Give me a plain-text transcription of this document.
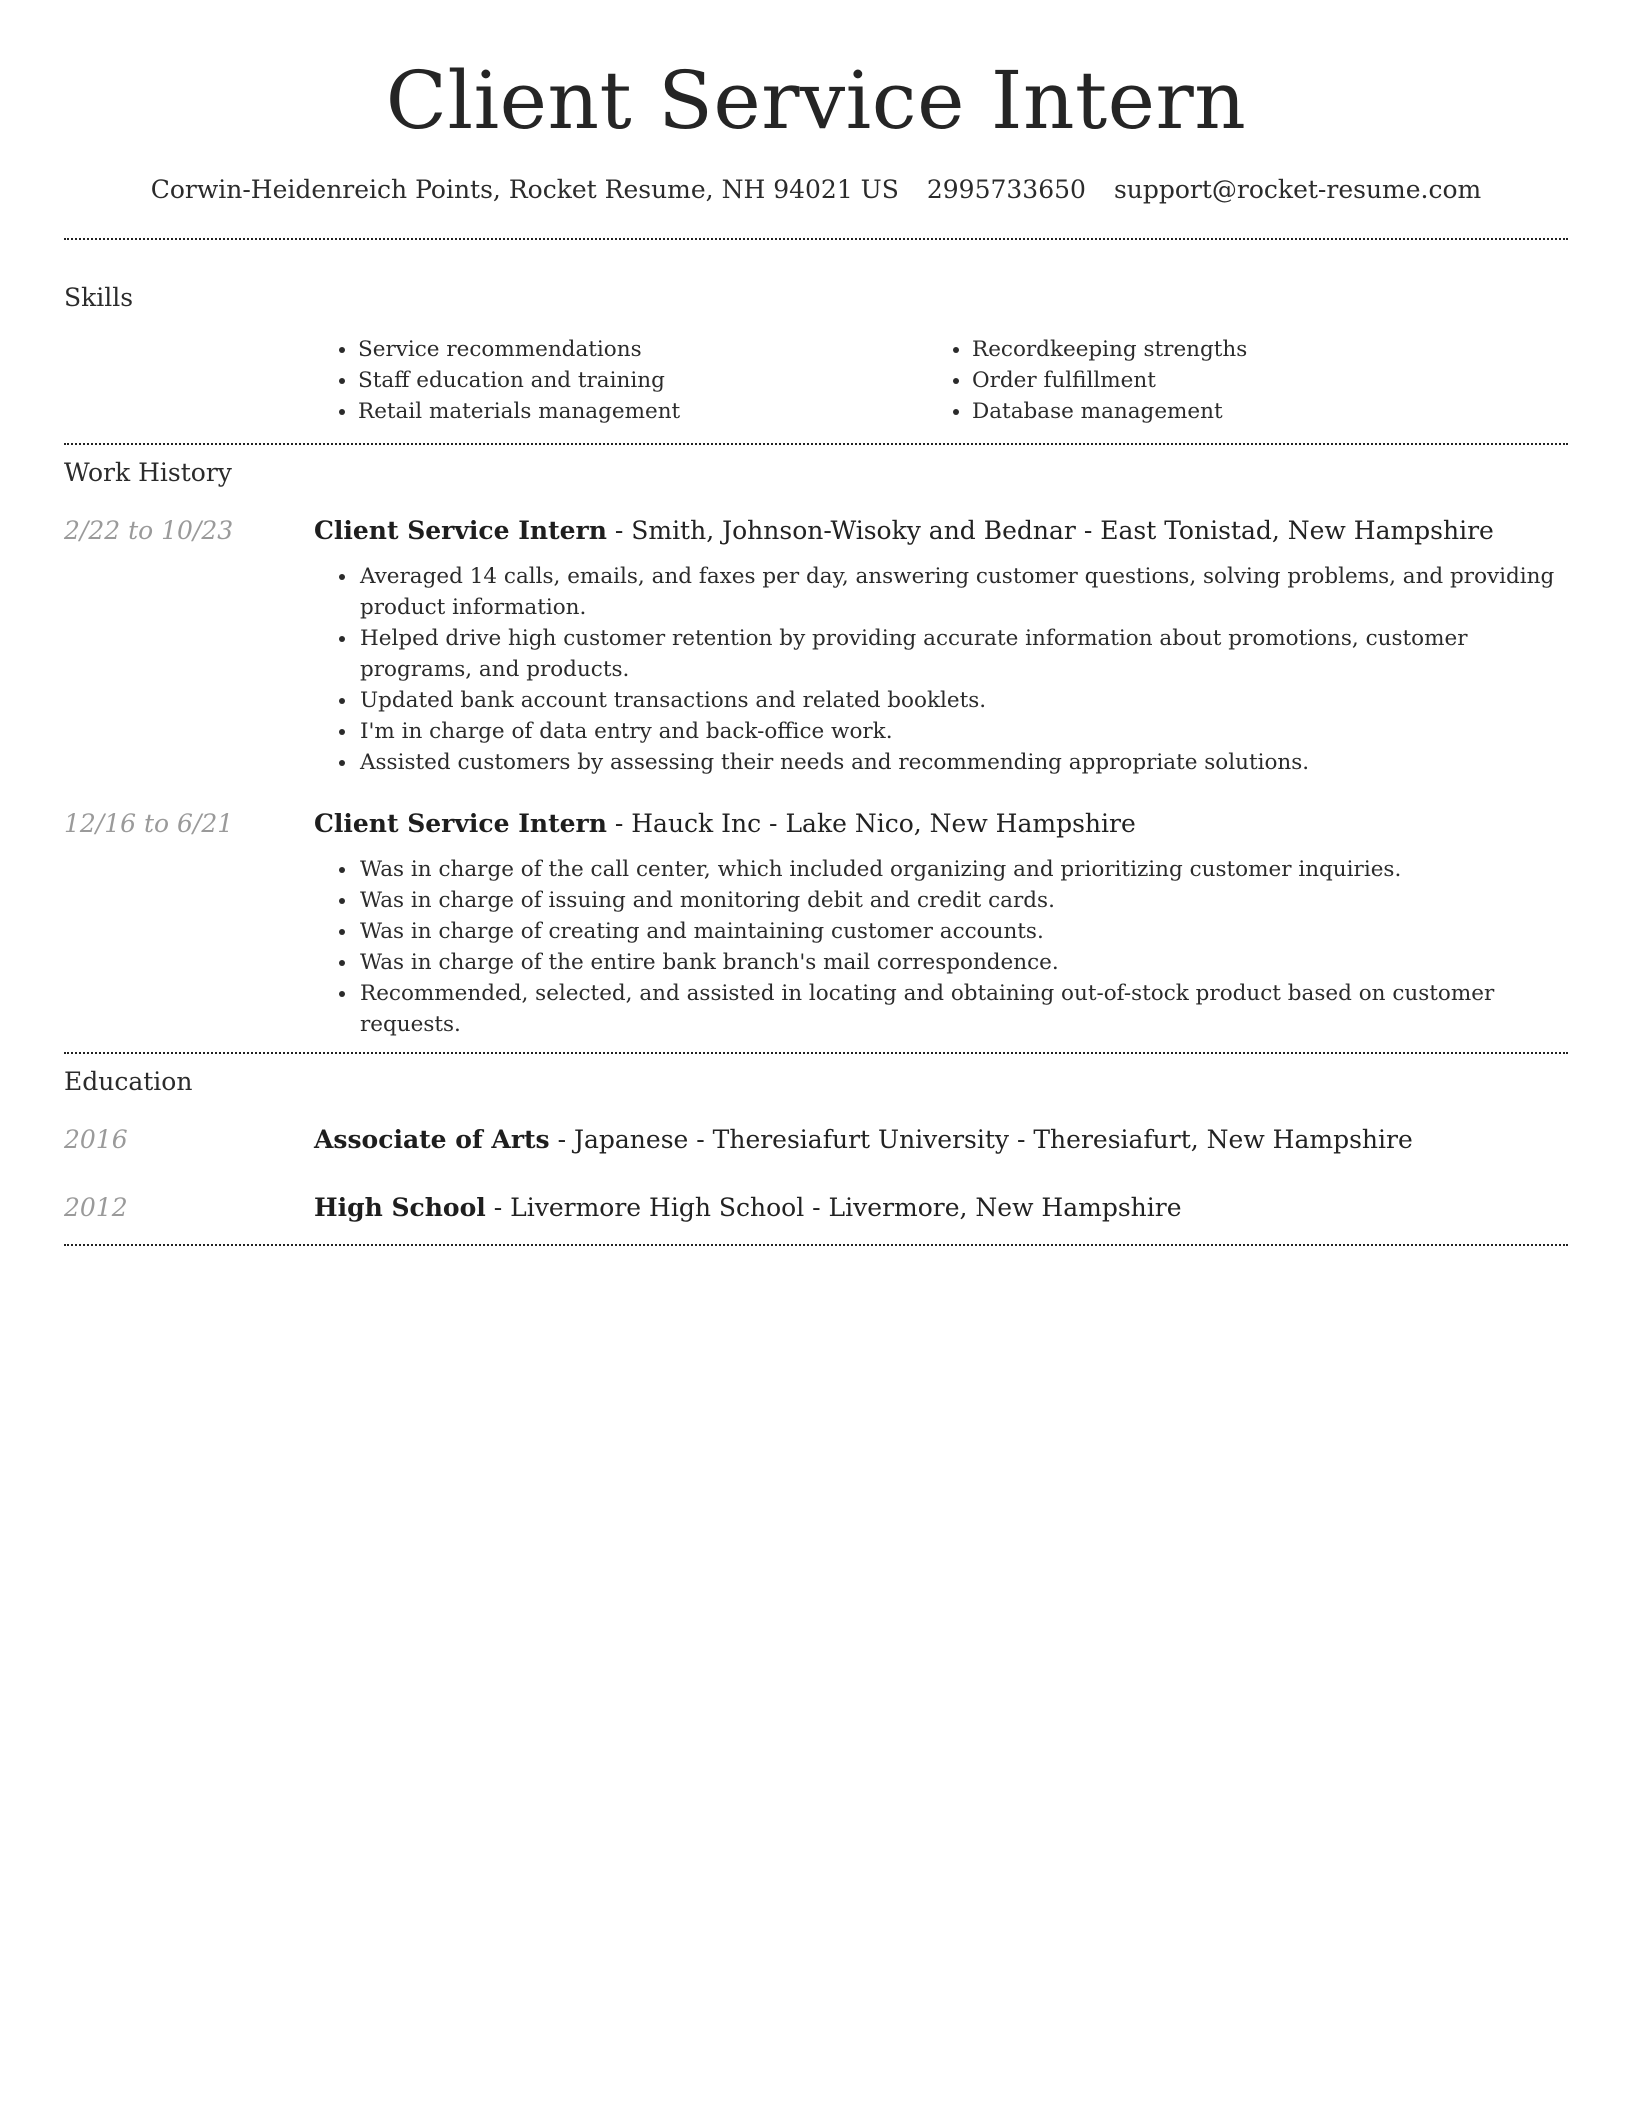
Client Service Intern
Corwin-Heidenreich Points, Rocket Resume, NH 94021 US 2995733650 support@rocket-resume.com
Skills
• Service recommendations
• Staff education and training
• Retail materials management
• Recordkeeping strengths
• Order fulfillment
• Database management
Work History
2/22 to 10/23	Client Service Intern - Smith, Johnson-Wisoky and Bednar - East Tonistad, New Hampshire
• Averaged 14 calls, emails, and faxes per day, answering customer questions, solving problems, and providing product information.
• Helped drive high customer retention by providing accurate information about promotions, customer programs, and products.
• Updated bank account transactions and related booklets.
• I'm in charge of data entry and back-office work.
• Assisted customers by assessing their needs and recommending appropriate solutions.
12/16 to 6/21	Client Service Intern - Hauck Inc - Lake Nico, New Hampshire
• Was in charge of the call center, which included organizing and prioritizing customer inquiries.
• Was in charge of issuing and monitoring debit and credit cards.
• Was in charge of creating and maintaining customer accounts.
• Was in charge of the entire bank branch's mail correspondence.
• Recommended, selected, and assisted in locating and obtaining out-of-stock product based on customer requests.
Education
2016	Associate of Arts - Japanese - Theresiafurt University - Theresiafurt, New Hampshire
2012	High School - Livermore High School - Livermore, New Hampshire
